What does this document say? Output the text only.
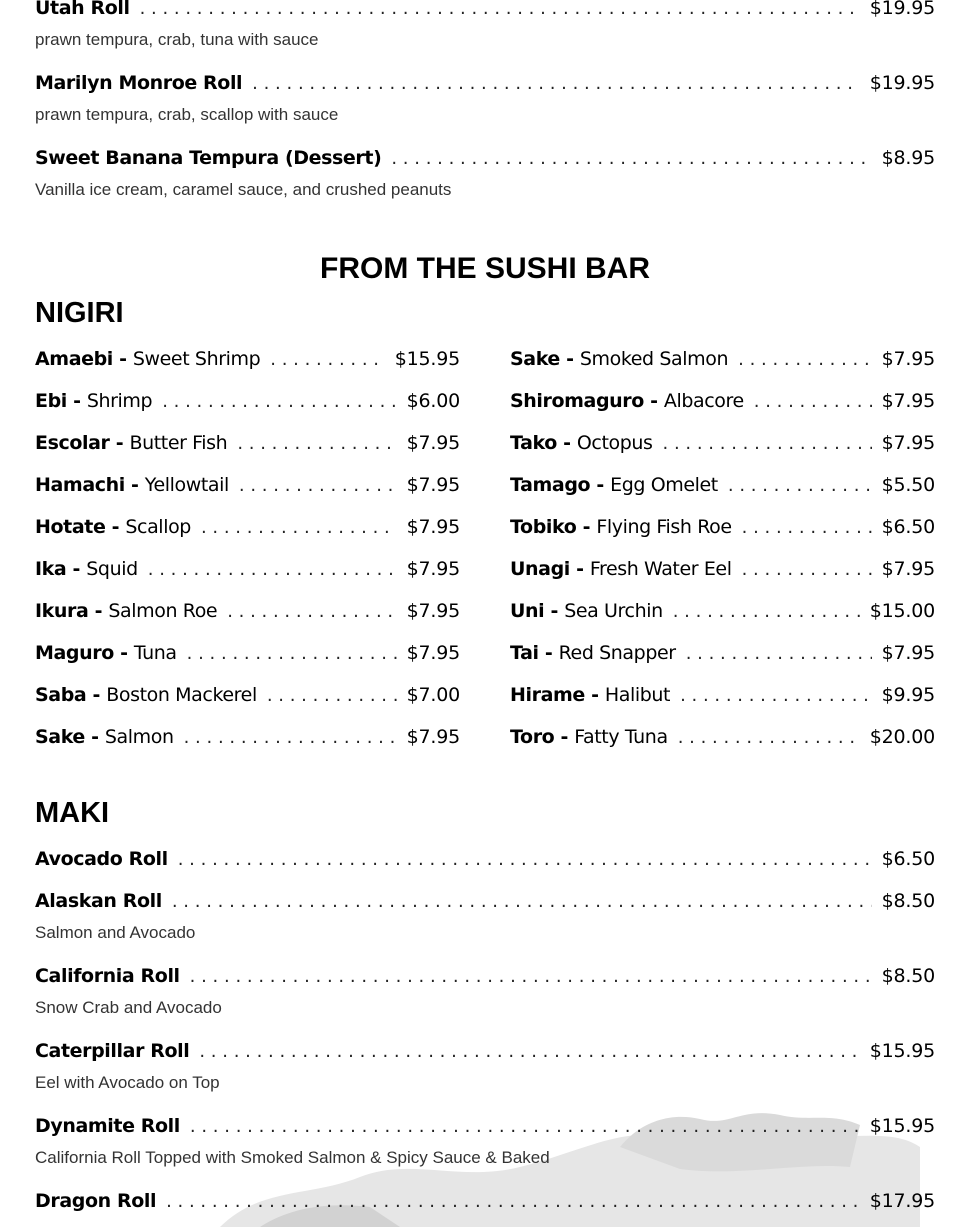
Utah Roll . . .	$19.95
prawn tempura, crab, tuna with sauce
Marilyn Monroe Roll . . .	$19.95
prawn tempura, crab, scallop with sauce
Sweet Banana Tempura (Dessert) . . .	$8.95
Vanilla ice cream, caramel sauce, and crushed peanuts
FROM THE SUSHI BAR
NIGIRI
Amaebi - Sweet Shrimp . . .	$15.95
Ebi - Shrimp . . .	$6.00
Escolar - Butter Fish . . .	$7.95
Hamachi - Yellowtail . . .	$7.95
Hotate - Scallop . . .	$7.95
Ika - Squid . . .	$7.95
Ikura - Salmon Roe . . .	$7.95
Maguro - Tuna . . .	$7.95
Saba - Boston Mackerel . . .	$7.00
Sake - Salmon . . .	$7.95
Sake - Smoked Salmon . . .	$7.95
Shiromaguro - Albacore . . .	$7.95
Tako - Octopus . . .	$7.95
Tamago - Egg Omelet . . .	$5.50
Tobiko - Flying Fish Roe . . .	$6.50
Unagi - Fresh Water Eel . . .	$7.95
Uni - Sea Urchin . . .	$15.00
Tai - Red Snapper . . .	$7.95
Hirame - Halibut . . .	$9.95
Toro - Fatty Tuna . . .	$20.00
MAKI
Avocado Roll . . .	$6.50
Alaskan Roll . . .	$8.50
Salmon and Avocado
California Roll . . .	$8.50
Snow Crab and Avocado
Caterpillar Roll . . .	$15.95
Eel with Avocado on Top
Dynamite Roll . . .	$15.95
California Roll Topped with Smoked Salmon & Spicy Sauce & Baked
Dragon Roll . . .	$17.95
